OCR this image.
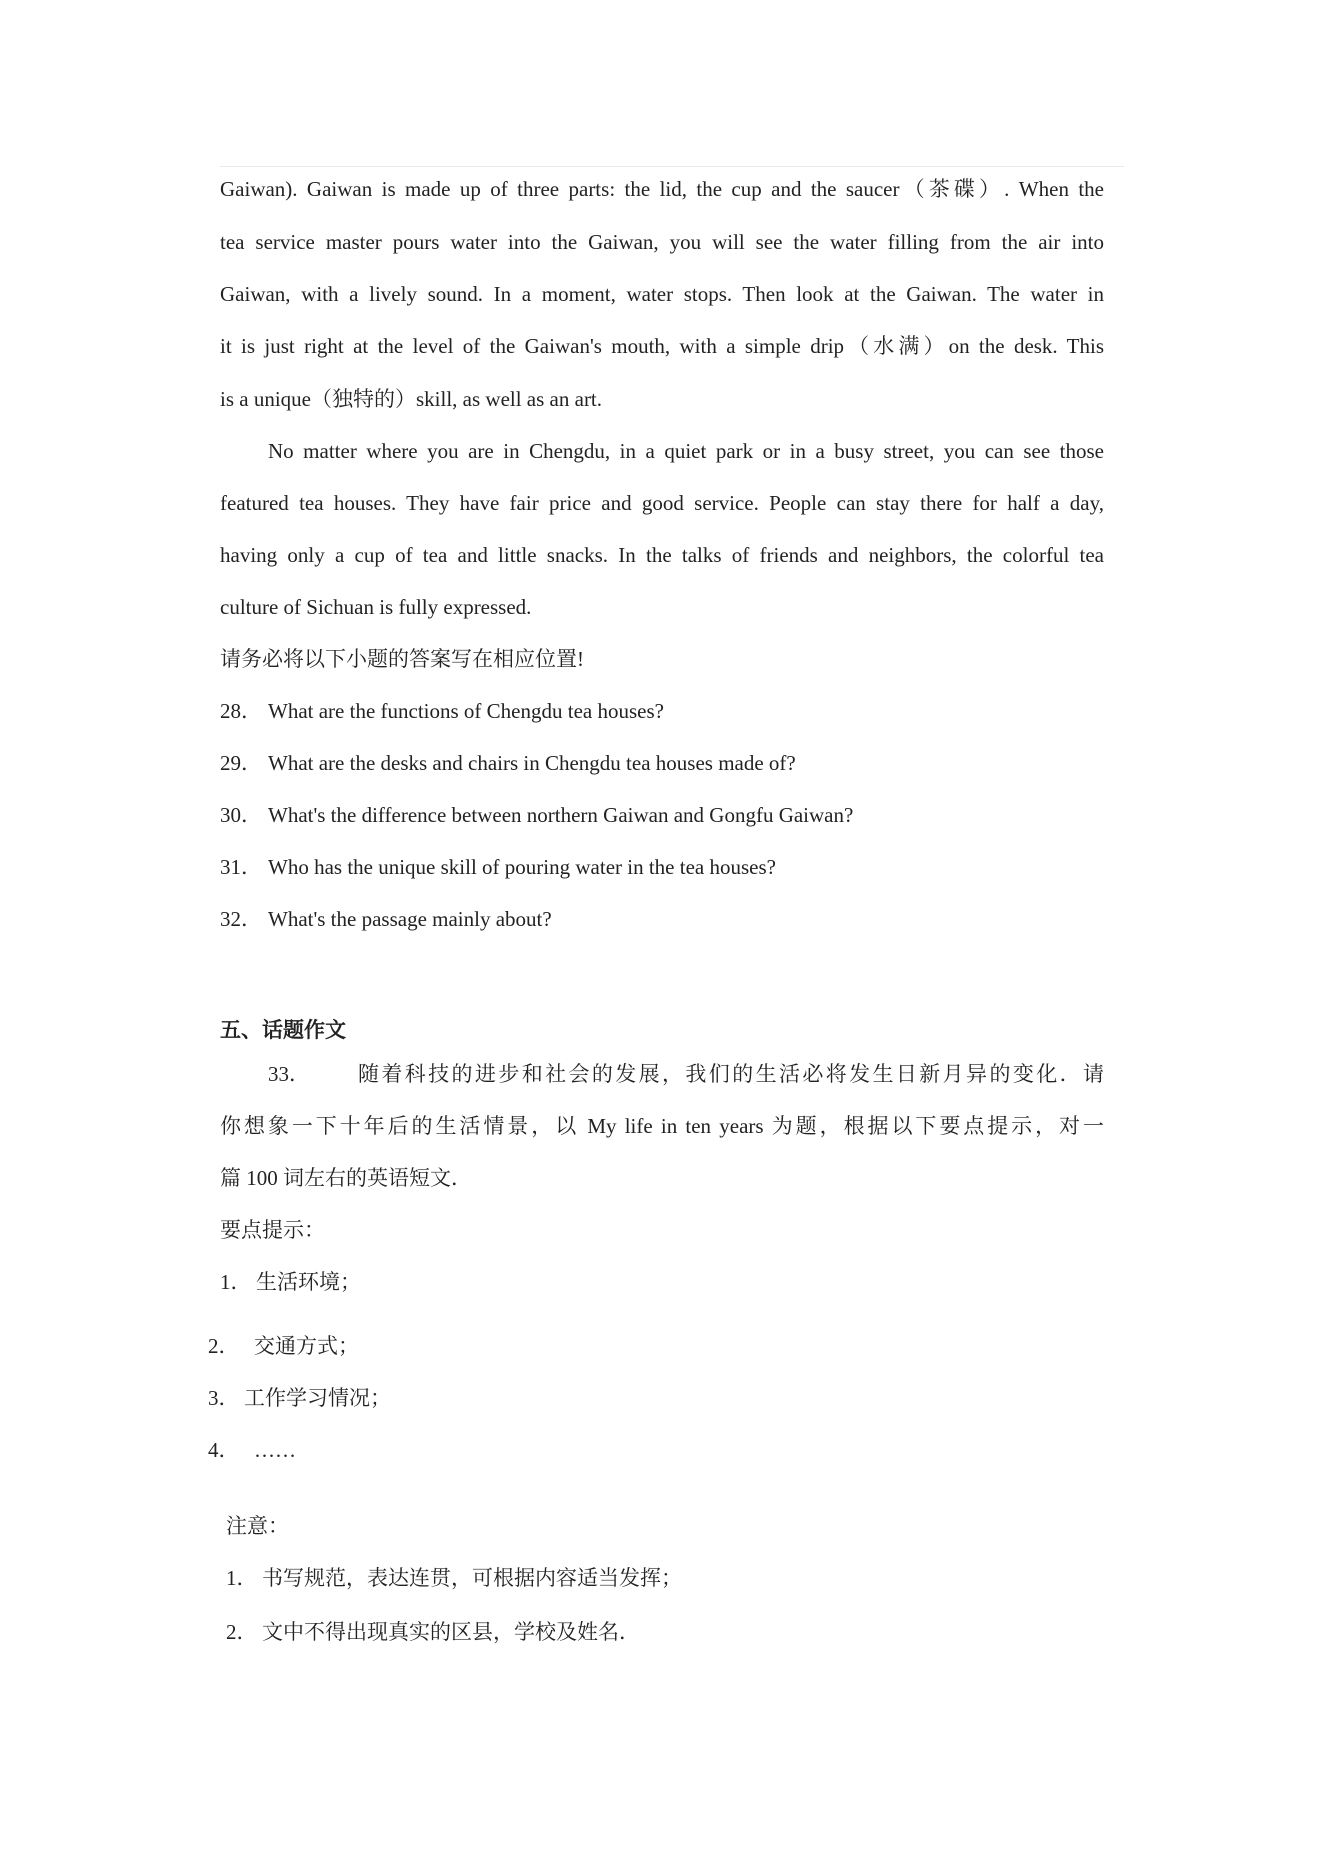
Gaiwan). Gaiwan is made up of three parts: the lid, the cup and the saucer（茶碟）. When the
tea service master pours water into the Gaiwan, you will see the water filling from the air into
Gaiwan, with a lively sound. In a moment, water stops. Then look at the Gaiwan. The water in
it is just right at the level of the Gaiwan's mouth, with a simple drip（水满）on the desk. This
is a unique（独特的）skill, as well as an art.
No matter where you are in Chengdu, in a quiet park or in a busy street, you can see those
featured tea houses. They have fair price and good service. People can stay there for half a day,
having only a cup of tea and little snacks. In the talks of friends and neighbors, the colorful tea
culture of Sichuan is fully expressed.
请务必将以下小题的答案写在相应位置!
28． What are the functions of Chengdu tea houses?
29． What are the desks and chairs in Chengdu tea houses made of?
30． What's the difference between northern Gaiwan and Gongfu Gaiwan?
31． Who has the unique skill of pouring water in the tea houses?
32． What's the passage mainly about?
五、话题作文
33． 随着科技的进步和社会的发展，我们的生活必将发生日新月异的变化．请
你想象一下十年后的生活情景，以 My life in ten years 为题，根据以下要点提示，对一
篇 100 词左右的英语短文．
要点提示：
1． 生活环境；
2． 交通方式；
3． 工作学习情况；
4． ……
注意：
1． 书写规范，表达连贯，可根据内容适当发挥；
2． 文中不得出现真实的区县，学校及姓名．
